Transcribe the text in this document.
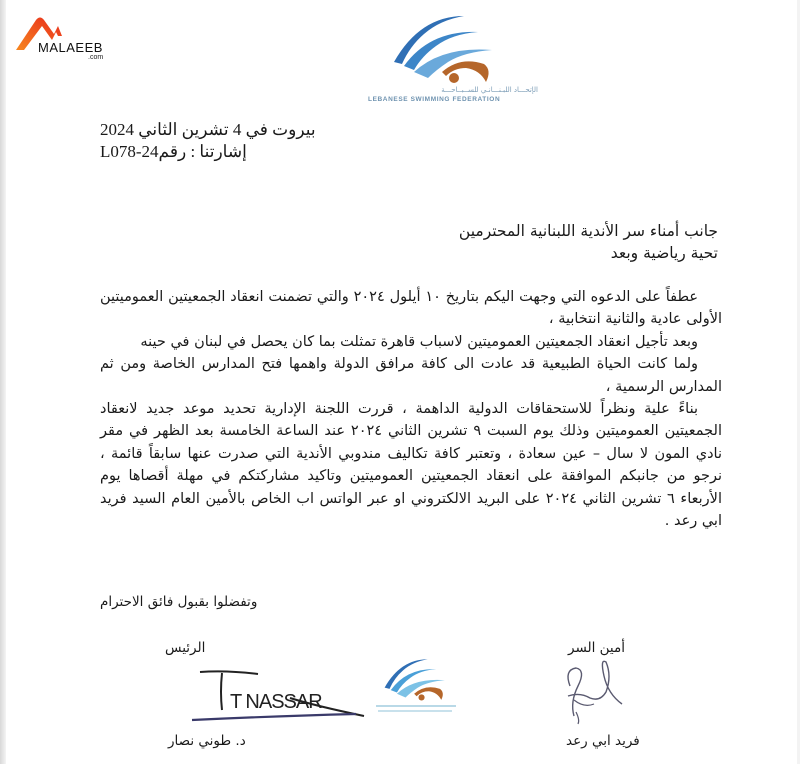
MALAEEB
.com
الإتحـــاد اللبـنـــانـي للســبــاحـــة
LEBANESE SWIMMING FEDERATION
بيروت في 4 تشرين الثاني 2024
إشارتنا : رقمL078-24
جانب أمناء سر الأندية اللبنانية المحترمين
تحية رياضية وبعد

عطفاً على الدعوه التي وجهت اليكم بتاريخ ١٠ أيلول ٢٠٢٤ والتي تضمنت انعقاد الجمعيتين العموميتين الأولى عادية والثانية انتخابية ،

وبعد تأجيل انعقاد الجمعيتين العموميتين لاسباب قاهرة تمثلت بما كان يحصل في لبنان في حينه

ولما كانت الحياة الطبيعية قد عادت الى كافة مرافق الدولة واهمها فتح المدارس الخاصة ومن ثم المدارس الرسمية ،

بناءً علية ونظراً للاستحقاقات الدولية الداهمة ، قررت اللجنة الإدارية تحديد موعد جديد لانعقاد الجمعيتين العموميتين وذلك يوم السبت ٩ تشرين الثاني ٢٠٢٤ عند الساعة الخامسة بعد الظهر في مقر نادي المون لا سال – عين سعادة ، وتعتبر كافة تكاليف مندوبي الأندية التي صدرت عنها سابقاً قائمة ، نرجو من جانبكم الموافقة على انعقاد الجمعيتين العموميتين وتاكيد مشاركتكم في مهلة أقصاها يوم الأربعاء ٦ تشرين الثاني ٢٠٢٤ على البريد الالكتروني او عبر الواتس اب الخاص بالأمين العام السيد فريد ابي رعد .

وتفضلوا بقبول فائق الاحترام
الرئيس	أمين السر
T NASSAR
د. طوني نصار	فريد ابي رعد
